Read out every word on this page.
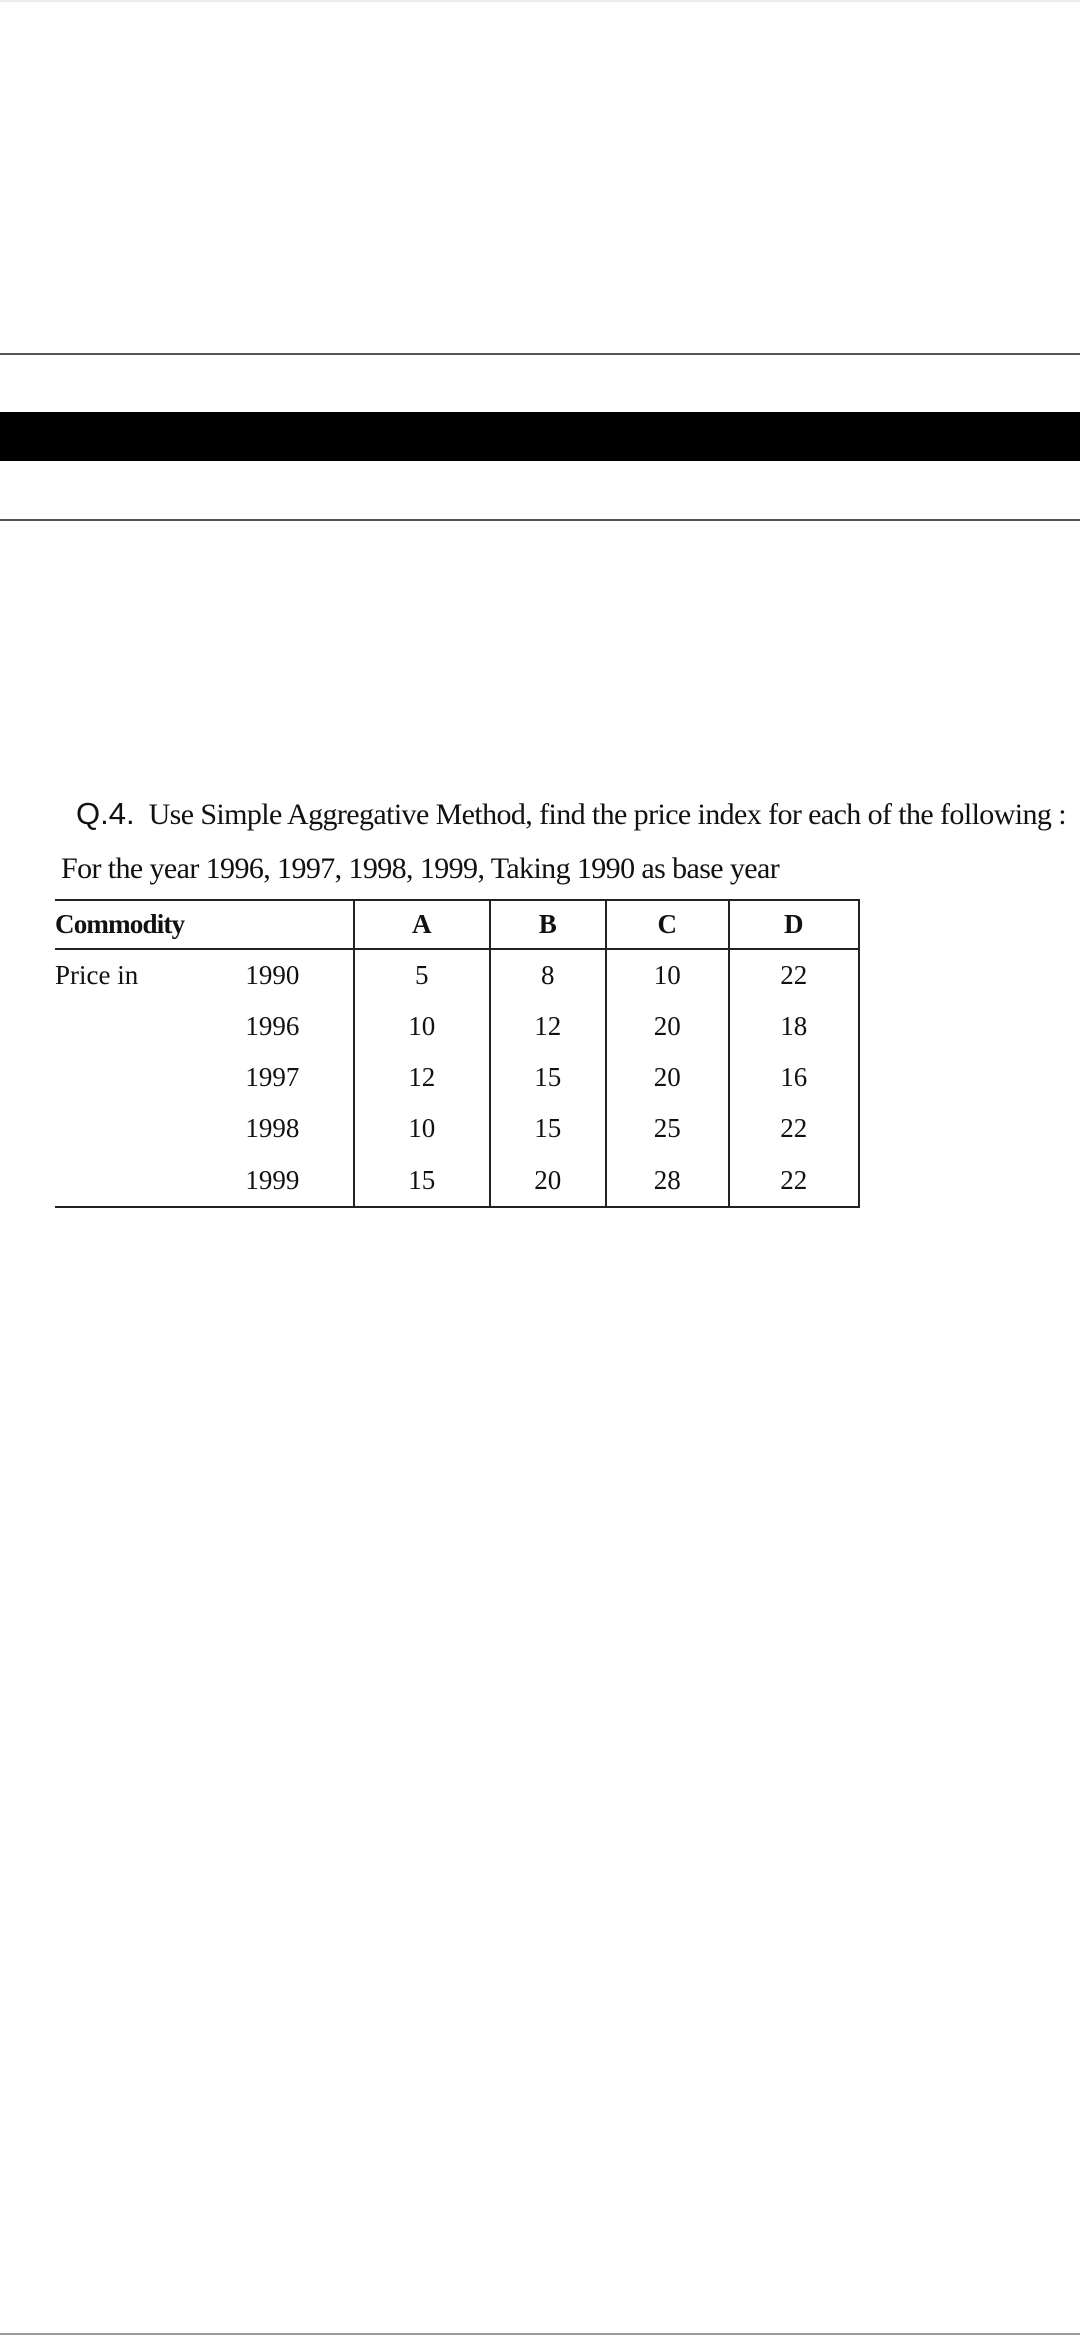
Q.4. Use Simple Aggregative Method, find the price index for each of the following :
For the year 1996, 1997, 1998, 1999, Taking 1990 as base year
Commodity		A	B	C	D
Price in	1990	5	8	10	22
	1996	10	12	20	18
	1997	12	15	20	16
	1998	10	15	25	22
	1999	15	20	28	22
